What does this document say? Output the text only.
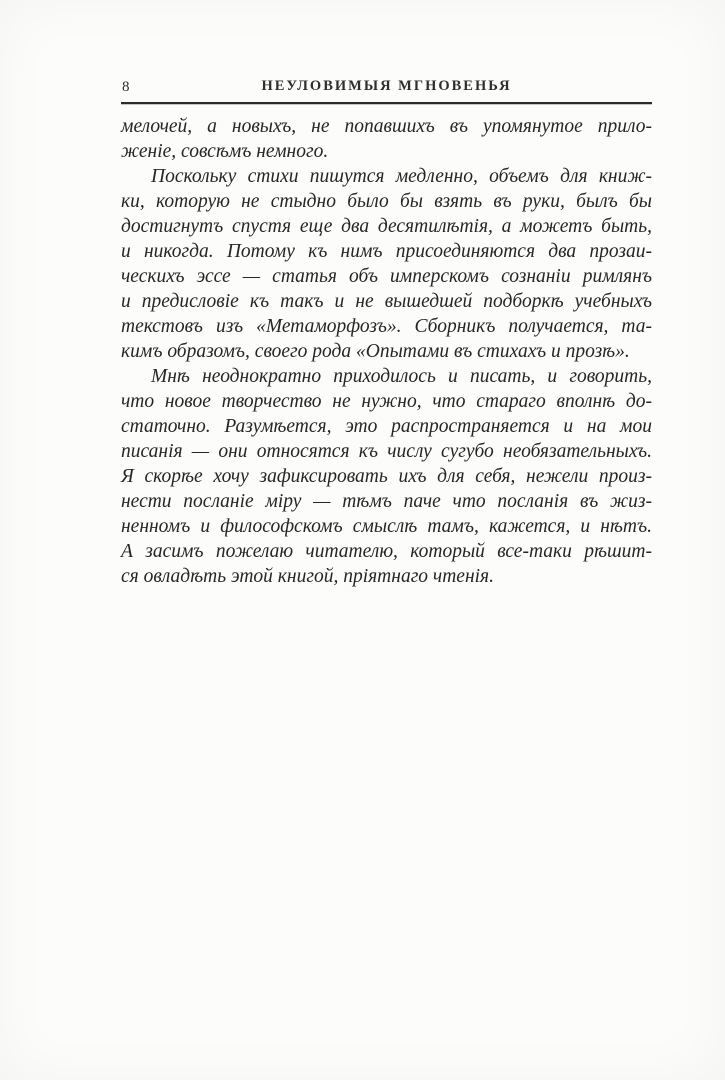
8	НЕУЛОВИМЫЯ МГНОВЕНЬЯ
мелочей, а новыхъ, не попавшихъ въ упомянутое прило-
женіе, совсѣмъ немного.
Поскольку стихи пишутся медленно, объемъ для книж-
ки, которую не стыдно было бы взять въ руки, былъ бы
достигнутъ спустя еще два десятилѣтія, а можетъ быть,
и никогда. Потому къ нимъ присоединяются два прозаи-
ческихъ эссе — статья объ имперскомъ сознаніи римлянъ
и предисловіе къ такъ и не вышедшей подборкѣ учебныхъ
текстовъ изъ «Метаморфозъ». Сборникъ получается, та-
кимъ образомъ, своего рода «Опытами въ стихахъ и прозѣ».
Мнѣ неоднократно приходилось и писать, и говорить,
что новое творчество не нужно, что стараго вполнѣ до-
статочно. Разумѣется, это распространяется и на мои
писанія — они относятся къ числу сугубо необязательныхъ.
Я скорѣе хочу зафиксировать ихъ для себя, нежели произ-
нести посланіе міру — тѣмъ паче что посланія въ жиз-
ненномъ и философскомъ смыслѣ тамъ, кажется, и нѣтъ.
А засимъ пожелаю читателю, который все-таки рѣшит-
ся овладѣть этой книгой, пріятнаго чтенія.
